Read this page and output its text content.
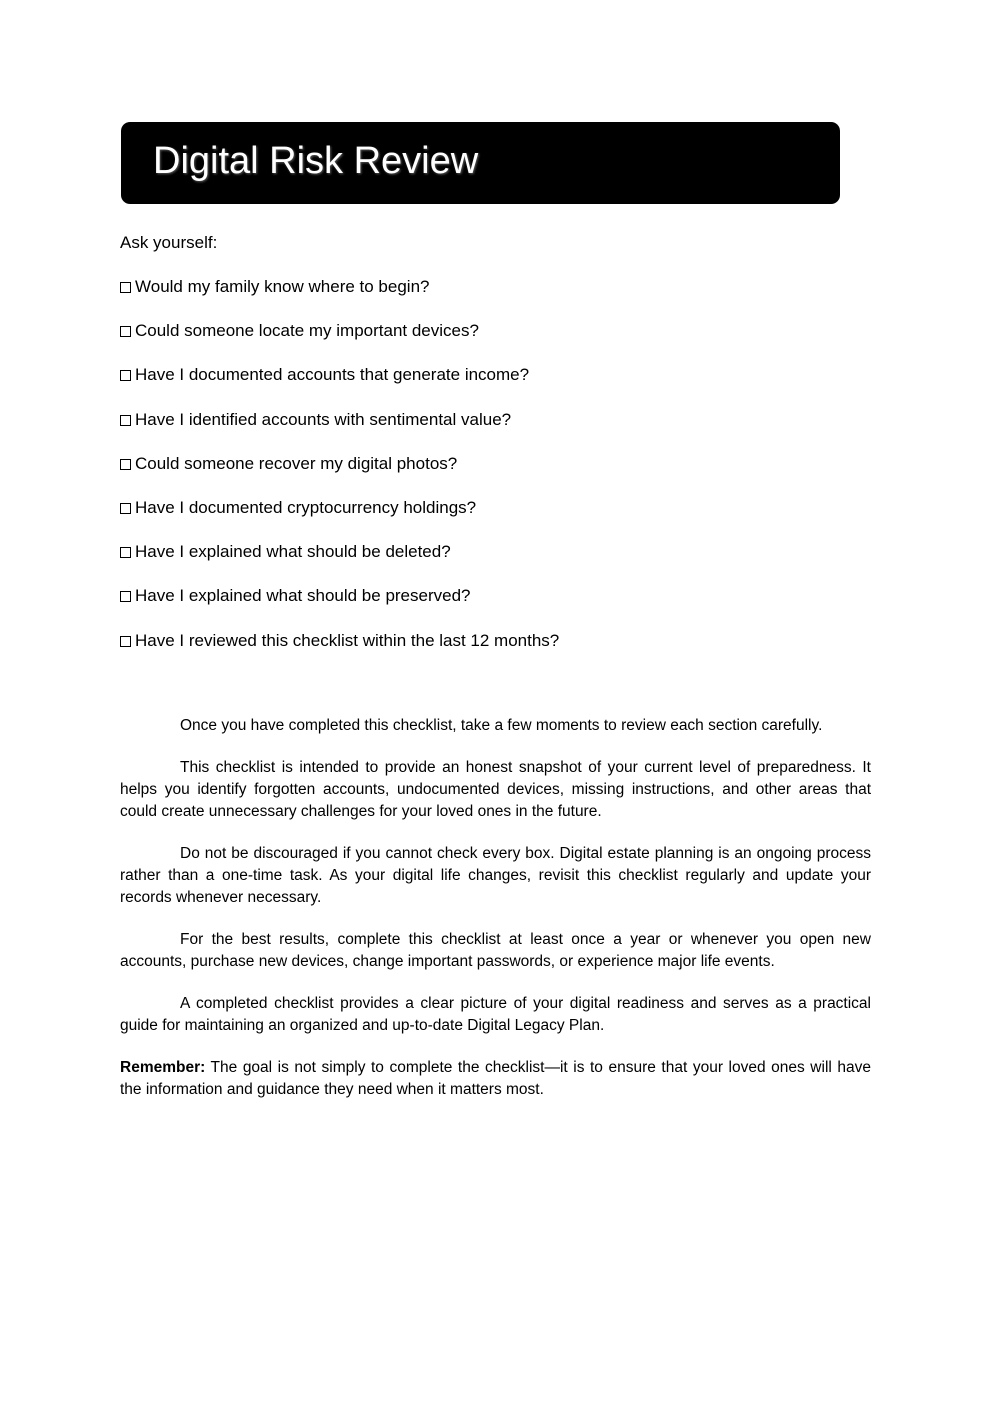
Digital Risk Review
Ask yourself:
Would my family know where to begin?
Could someone locate my important devices?
Have I documented accounts that generate income?
Have I identified accounts with sentimental value?
Could someone recover my digital photos?
Have I documented cryptocurrency holdings?
Have I explained what should be deleted?
Have I explained what should be preserved?
Have I reviewed this checklist within the last 12 months?

Once you have completed this checklist, take a few moments to review each section carefully.

This checklist is intended to provide an honest snapshot of your current level of preparedness. It helps you identify forgotten accounts, undocumented devices, missing instructions, and other areas that could create unnecessary challenges for your loved ones in the future.

Do not be discouraged if you cannot check every box. Digital estate planning is an ongoing process rather than a one-time task. As your digital life changes, revisit this checklist regularly and update your records whenever necessary.

For the best results, complete this checklist at least once a year or whenever you open new accounts, purchase new devices, change important passwords, or experience major life events.

A completed checklist provides a clear picture of your digital readiness and serves as a practical guide for maintaining an organized and up-to-date Digital Legacy Plan.

Remember: The goal is not simply to complete the checklist—it is to ensure that your loved ones will have the information and guidance they need when it matters most.
